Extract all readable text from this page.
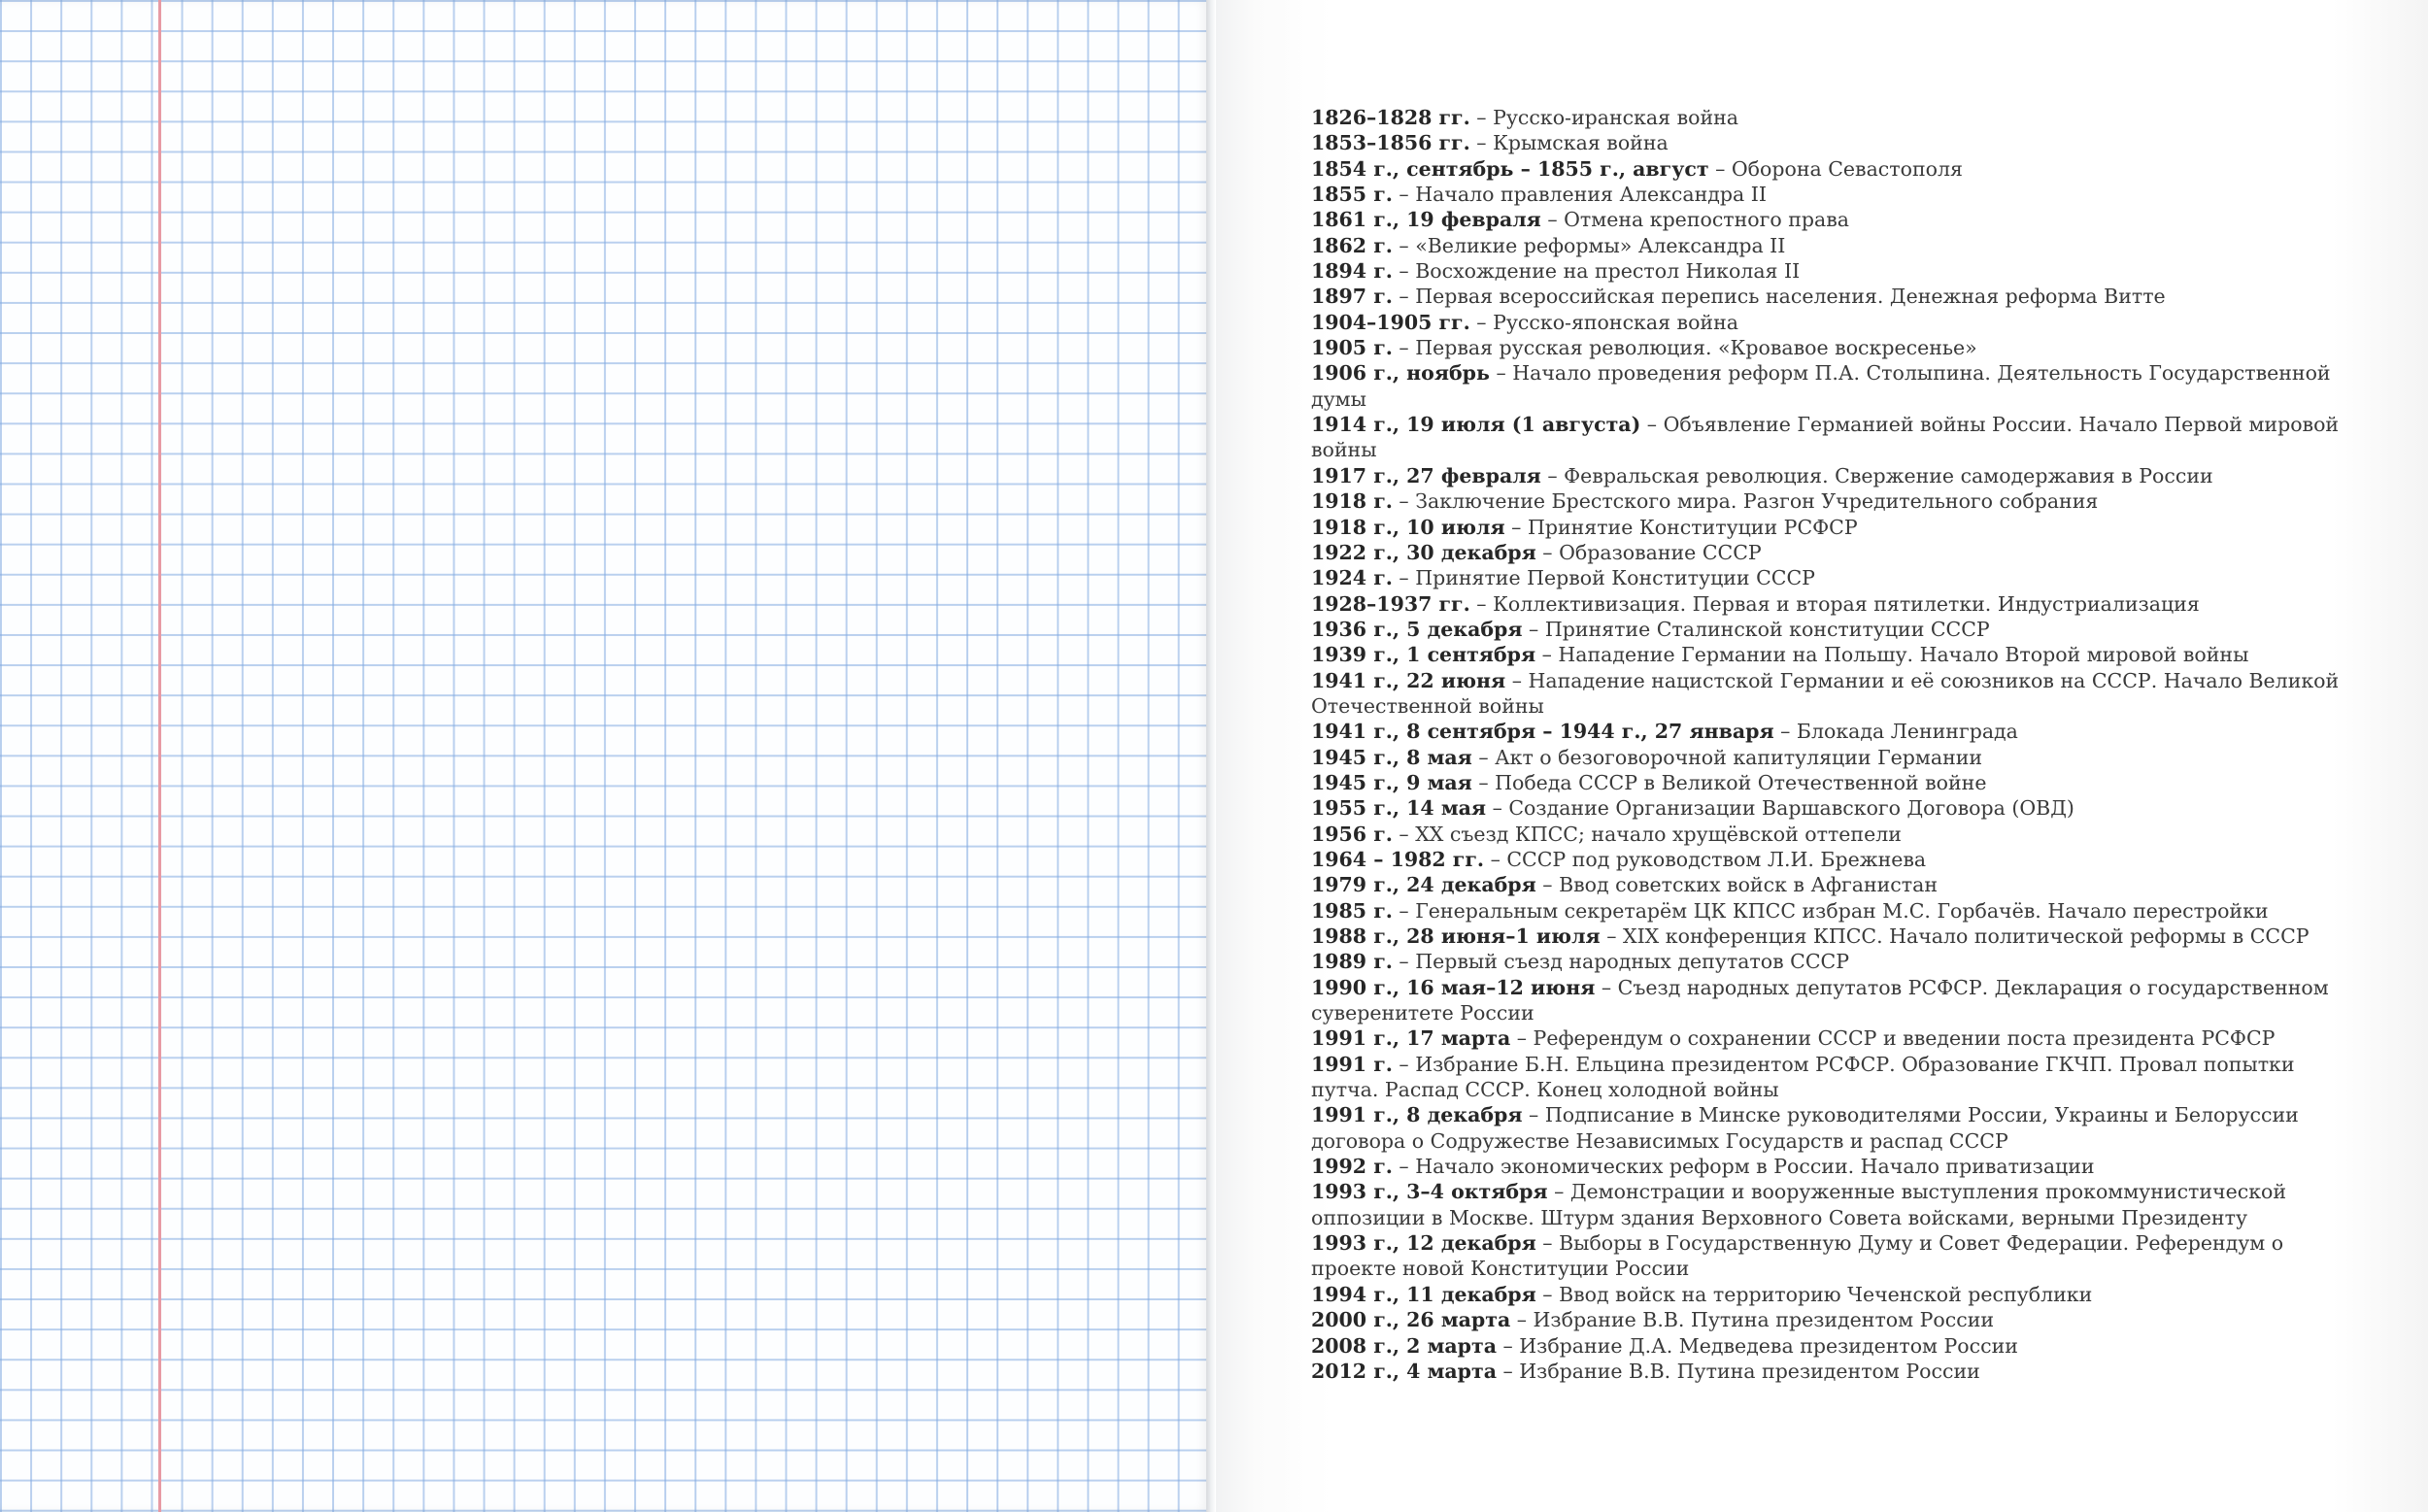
1826–1828 гг. – Русско-иранская война
1853–1856 гг. – Крымская война
1854 г., сентябрь – 1855 г., август – Оборона Севастополя
1855 г. – Начало правления Александра II
1861 г., 19 февраля – Отмена крепостного права
1862 г. – «Великие реформы» Александра II
1894 г. – Восхождение на престол Николая II
1897 г. – Первая всероссийская перепись населения. Денежная реформа Витте
1904–1905 гг. – Русско-японская война
1905 г. – Первая русская революция. «Кровавое воскресенье»
1906 г., ноябрь – Начало проведения реформ П.А. Столыпина. Деятельность Государственной думы
1914 г., 19 июля (1 августа) – Объявление Германией войны России. Начало Первой мировой войны
1917 г., 27 февраля – Февральская революция. Свержение самодержавия в России
1918 г. – Заключение Брестского мира. Разгон Учредительного собрания
1918 г., 10 июля – Принятие Конституции РСФСР
1922 г., 30 декабря – Образование СССР
1924 г. – Принятие Первой Конституции СССР
1928–1937 гг. – Коллективизация. Первая и вторая пятилетки. Индустриализация
1936 г., 5 декабря – Принятие Сталинской конституции СССР
1939 г., 1 сентября – Нападение Германии на Польшу. Начало Второй мировой войны
1941 г., 22 июня – Нападение нацистской Германии и её союзников на СССР. Начало Великой Отечественной войны
1941 г., 8 сентября – 1944 г., 27 января – Блокада Ленинграда
1945 г., 8 мая – Акт о безоговорочной капитуляции Германии
1945 г., 9 мая – Победа СССР в Великой Отечественной войне
1955 г., 14 мая – Создание Организации Варшавского Договора (ОВД)
1956 г. – XX съезд КПСС; начало хрущёвской оттепели
1964 – 1982 гг. – СССР под руководством Л.И. Брежнева
1979 г., 24 декабря – Ввод советских войск в Афганистан
1985 г. – Генеральным секретарём ЦК КПСС избран М.С. Горбачёв. Начало перестройки
1988 г., 28 июня–1 июля – XIX конференция КПСС. Начало политической реформы в СССР
1989 г. – Первый съезд народных депутатов СССР
1990 г., 16 мая–12 июня – Съезд народных депутатов РСФСР. Декларация о государственном суверенитете России
1991 г., 17 марта – Референдум о сохранении СССР и введении поста президента РСФСР
1991 г. – Избрание Б.Н. Ельцина президентом РСФСР. Образование ГКЧП. Провал попытки путча. Распад СССР. Конец холодной войны
1991 г., 8 декабря – Подписание в Минске руководителями России, Украины и Белоруссии договора о Содружестве Независимых Государств и распад СССР
1992 г. – Начало экономических реформ в России. Начало приватизации
1993 г., 3–4 октября – Демонстрации и вооруженные выступления прокоммунистической оппозиции в Москве. Штурм здания Верховного Совета войсками, верными Президенту
1993 г., 12 декабря – Выборы в Государственную Думу и Совет Федерации. Референдум о проекте новой Конституции России
1994 г., 11 декабря – Ввод войск на территорию Чеченской республики
2000 г., 26 марта – Избрание В.В. Путина президентом России
2008 г., 2 марта – Избрание Д.А. Медведева президентом России
2012 г., 4 марта – Избрание В.В. Путина президентом России
